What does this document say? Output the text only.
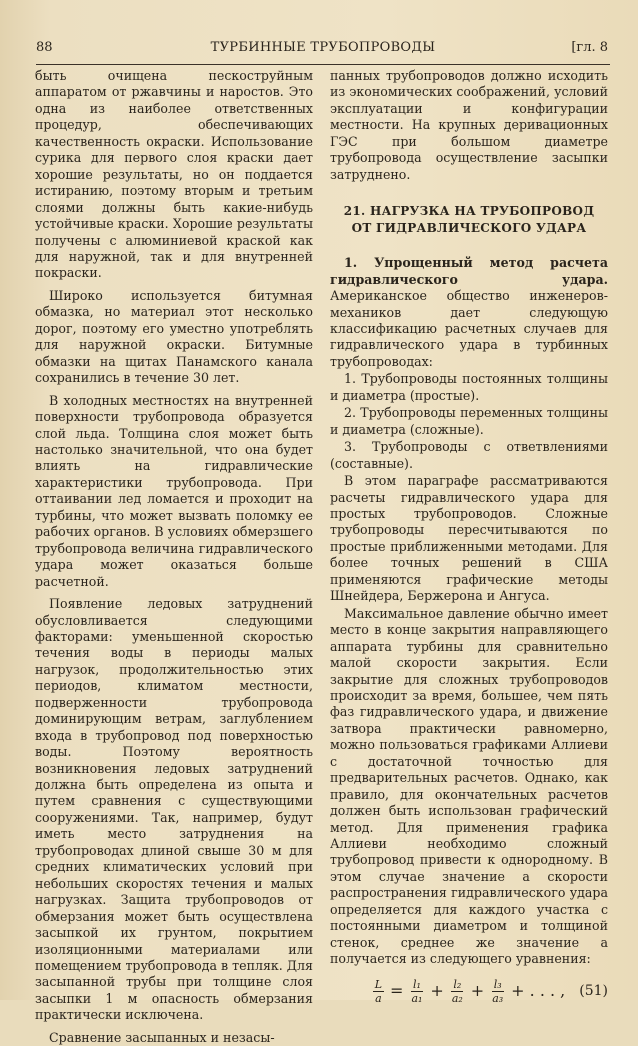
88	ТУРБИННЫЕ ТРУБОПРОВОДЫ	[гл. 8

быть очищена пескоструйным аппаратом от ржавчины и наростов. Это одна из наиболее ответственных процедур, обеспечивающих качественность окраски. Использование сурика для первого слоя краски дает хорошие результаты, но он поддается истиранию, поэтому вторым и третьим слоями должны быть какие-нибудь устойчивые краски. Хорошие результаты получены с алюминиевой краской как для наружной, так и для внутренней покраски.

Широко используется битумная обмазка, но материал этот несколько дорог, поэтому его уместно употреблять для наружной окраски. Битумные обмазки на щитах Панамского канала сохранились в течение 30 лет.

В холодных местностях на внутренней поверхности трубопровода образуется слой льда. Толщина слоя может быть настолько значительной, что она будет влиять на гидравлические характеристики трубопровода. При оттаивании лед ломается и проходит на турбины, что может вызвать поломку ее рабочих органов. В условиях обмерзшего трубопровода величина гидравлического удара может оказаться больше расчетной.

Появление ледовых затруднений обусловливается следующими факторами: уменьшенной скоростью течения воды в периоды малых нагрузок, продолжительностью этих периодов, климатом местности, подверженности трубопровода доминирующим ветрам, заглублением входа в трубопровод под поверхностью воды. Поэтому вероятность возникновения ледовых затруднений должна быть определена из опыта и путем сравнения с существующими сооружениями. Так, например, будут иметь место затруднения на трубопроводах длиной свыше 30 м для средних климатических условий при небольших скоростях течения и малых нагрузках. Защита трубопроводов от обмерзания может быть осуществлена засыпкой их грунтом, покрытием изоляционными материалами или помещением трубопровода в тепляк. Для засыпанной трубы при толщине слоя засыпки 1 м опасность обмерзания практически исключена.

Сравнение засыпанных и незасы-

панных трубопроводов должно исходить из экономических соображений, условий эксплуатации и конфигурации местности. На крупных деривационных ГЭС при большом диаметре трубопровода осуществление засыпки затруднено.

21. НАГРУЗКА НА ТРУБОПРОВОД
ОТ ГИДРАВЛИЧЕСКОГО УДАРА

1. Упрощенный метод расчета гидравлического удара. Американское общество инженеров-механиков дает следующую классификацию расчетных случаев для гидравлического удара в турбинных трубопроводах:

1. Трубопроводы постоянных толщины и диаметра (простые).

2. Трубопроводы переменных толщины и диаметра (сложные).

3. Трубопроводы с ответвлениями (составные).

В этом параграфе рассматриваются расчеты гидравлического удара для простых трубопроводов. Сложные трубопроводы пересчитываются по простые приближенными методами. Для более точных решений в США применяются графические методы Шнейдера, Бержерона и Ангуса.

Максимальное давление обычно имеет место в конце закрытия направляющего аппарата турбины для сравнительно малой скорости закрытия. Если закрытие для сложных трубопроводов происходит за время, большее, чем пять фаз гидравлического удара, и движение затвора практически равномерно, можно пользоваться графиками Аллиеви с достаточной точностью для предварительных расчетов. Однако, как правило, для окончательных расчетов должен быть использован графический метод. Для применения графика Аллиеви необходимо сложный трубопровод привести к однородному. В этом случае значение а скорости распространения гидравлического удара определяется для каждого участка с постоянными диаметром и толщиной стенок, среднее же значение а получается из следующего уравнения:

$\frac{L}{a} = \frac{\text{l₁}}{\text{a₁}} + \frac{\text{l₂}}{\text{a₂}} + \frac{\text{l₃}}{\text{a₃}}$ + . . . , (51)
